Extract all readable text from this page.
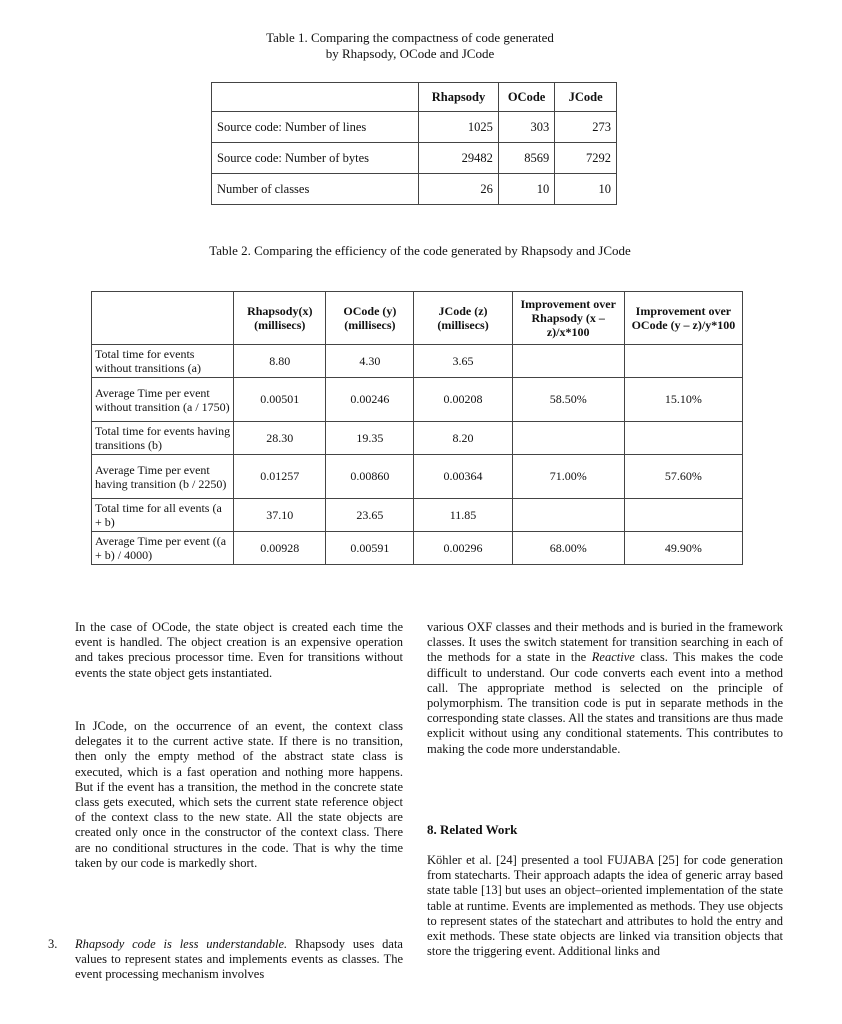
Table 1. Comparing the compactness of code generated
by Rhapsody, OCode and JCode
	Rhapsody	OCode	JCode
Source code: Number of lines	1025	303	273
Source code: Number of bytes	29482	8569	7292
Number of classes	26	10	10
Table 2. Comparing the efficiency of the code generated by Rhapsody and JCode
	Rhapsody(x) (millisecs)	OCode (y) (millisecs)	JCode (z) (millisecs)	Improvement over Rhapsody (x – z)/x*100	Improvement over OCode (y – z)/y*100
Total time for events without transitions (a)	8.80	4.30	3.65		
Average Time per event without transition (a / 1750)	0.00501	0.00246	0.00208	58.50%	15.10%
Total time for events having transitions (b)	28.30	19.35	8.20		
Average Time per event having transition (b / 2250)	0.01257	0.00860	0.00364	71.00%	57.60%
Total time for all events (a + b)	37.10	23.65	11.85		
Average Time per event ((a + b) / 4000)	0.00928	0.00591	0.00296	68.00%	49.90%

In the case of OCode, the state object is created each time the event is handled. The object creation is an expensive operation and takes precious processor time. Even for transitions without events the state object gets instantiated.

In JCode, on the occurrence of an event, the context class delegates it to the current active state. If there is no transition, then only the empty method of the abstract state class is executed, which is a fast operation and nothing more happens. But if the event has a transition, the method in the concrete state class gets executed, which sets the current state reference object of the context class to the new state. All the state objects are created only once in the constructor of the context class. There are no conditional structures in the code. That is why the time taken by our code is markedly short.

3. Rhapsody code is less understandable. Rhapsody uses data values to represent states and implements events as classes. The event processing mechanism involves

various OXF classes and their methods and is buried in the framework classes. It uses the switch statement for transition searching in each of the methods for a state in the Reactive class. This makes the code difficult to understand. Our code converts each event into a method call. The appropriate method is selected on the principle of polymorphism. The transition code is put in separate methods in the corresponding state classes. All the states and transitions are thus made explicit without using any conditional statements. This contributes to making the code more understandable.

8. Related Work

Köhler et al. [24] presented a tool FUJABA [25] for code generation from statecharts. Their approach adapts the idea of generic array based state table [13] but uses an object–oriented implementation of the state table at runtime. Events are implemented as methods. They use objects to represent states of the statechart and attributes to hold the entry and exit methods. These state objects are linked via transition objects that store the triggering event. Additional links and
